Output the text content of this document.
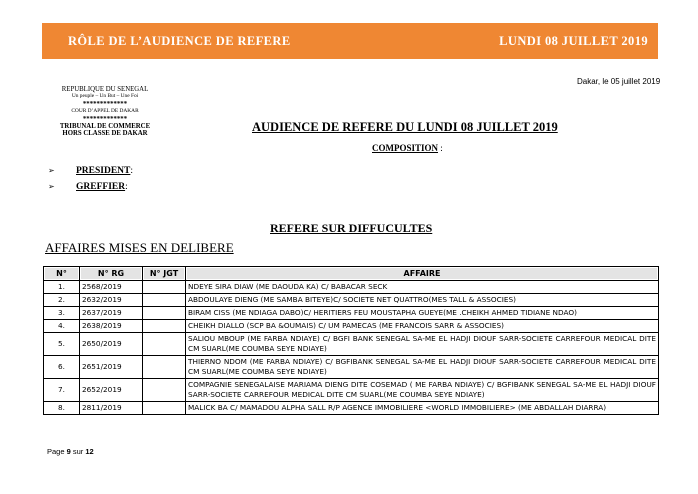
RÔLE DE L’AUDIENCE DE REFERE	LUNDI 08 JUILLET 2019
Dakar, le 05 juillet 2019
REPUBLIQUE DU SENEGAL
Un peuple – Un But – Une Foi
*************
COUR D’APPEL DE DAKAR
*************
TRIBUNAL DE COMMERCE
HORS CLASSE DE DAKAR	AUDIENCE DE REFERE DU LUNDI 08 JUILLET 2019
COMPOSITION :
➢	PRESIDENT :
➢	GREFFIER :
REFERE SUR DIFFUCULTES
AFFAIRES MISES EN DELIBERE
N°	N° RG	N° JGT	AFFAIRE
1.	2568/2019		NDEYE SIRA DIAW (ME DAOUDA KA) C/ BABACAR SECK
2.	2632/2019		ABDOULAYE DIENG (ME SAMBA BITEYE)C/ SOCIETE NET QUATTRO(MES TALL & ASSOCIES)
3.	2637/2019		BIRAM CISS (ME NDIAGA DABO)C/ HERITIERS FEU MOUSTAPHA GUEYE(ME .CHEIKH AHMED TIDIANE NDAO)
4.	2638/2019		CHEIKH DIALLO (SCP BA &OUMAIS) C/ UM PAMECAS (ME FRANCOIS SARR & ASSOCIES)
5.	2650/2019		SALIOU MBOUP (ME FARBA NDIAYE) C/ BGFI BANK SENEGAL SA-ME EL HADJI DIOUF SARR-SOCIETE CARREFOUR MEDICAL DITE CM SUARL(ME COUMBA SEYE NDIAYE)
6.	2651/2019		THIERNO NDOM (ME FARBA NDIAYE) C/ BGFIBANK SENEGAL SA-ME EL HADJI DIOUF SARR-SOCIETE CARREFOUR MEDICAL DITE CM SUARL(ME COUMBA SEYE NDIAYE)
7.	2652/2019		COMPAGNIE SENEGALAISE MARIAMA DIENG DITE COSEMAD ( ME FARBA NDIAYE) C/ BGFIBANK SENEGAL SA-ME EL HADJI DIOUF SARR-SOCIETE CARREFOUR MEDICAL DITE CM SUARL(ME COUMBA SEYE NDIAYE)
8.	2811/2019		MALICK BA C/ MAMADOU ALPHA SALL R/P AGENCE IMMOBILIERE <WORLD IMMOBILIERE> (ME ABDALLAH DIARRA)
Page 9 sur 12
